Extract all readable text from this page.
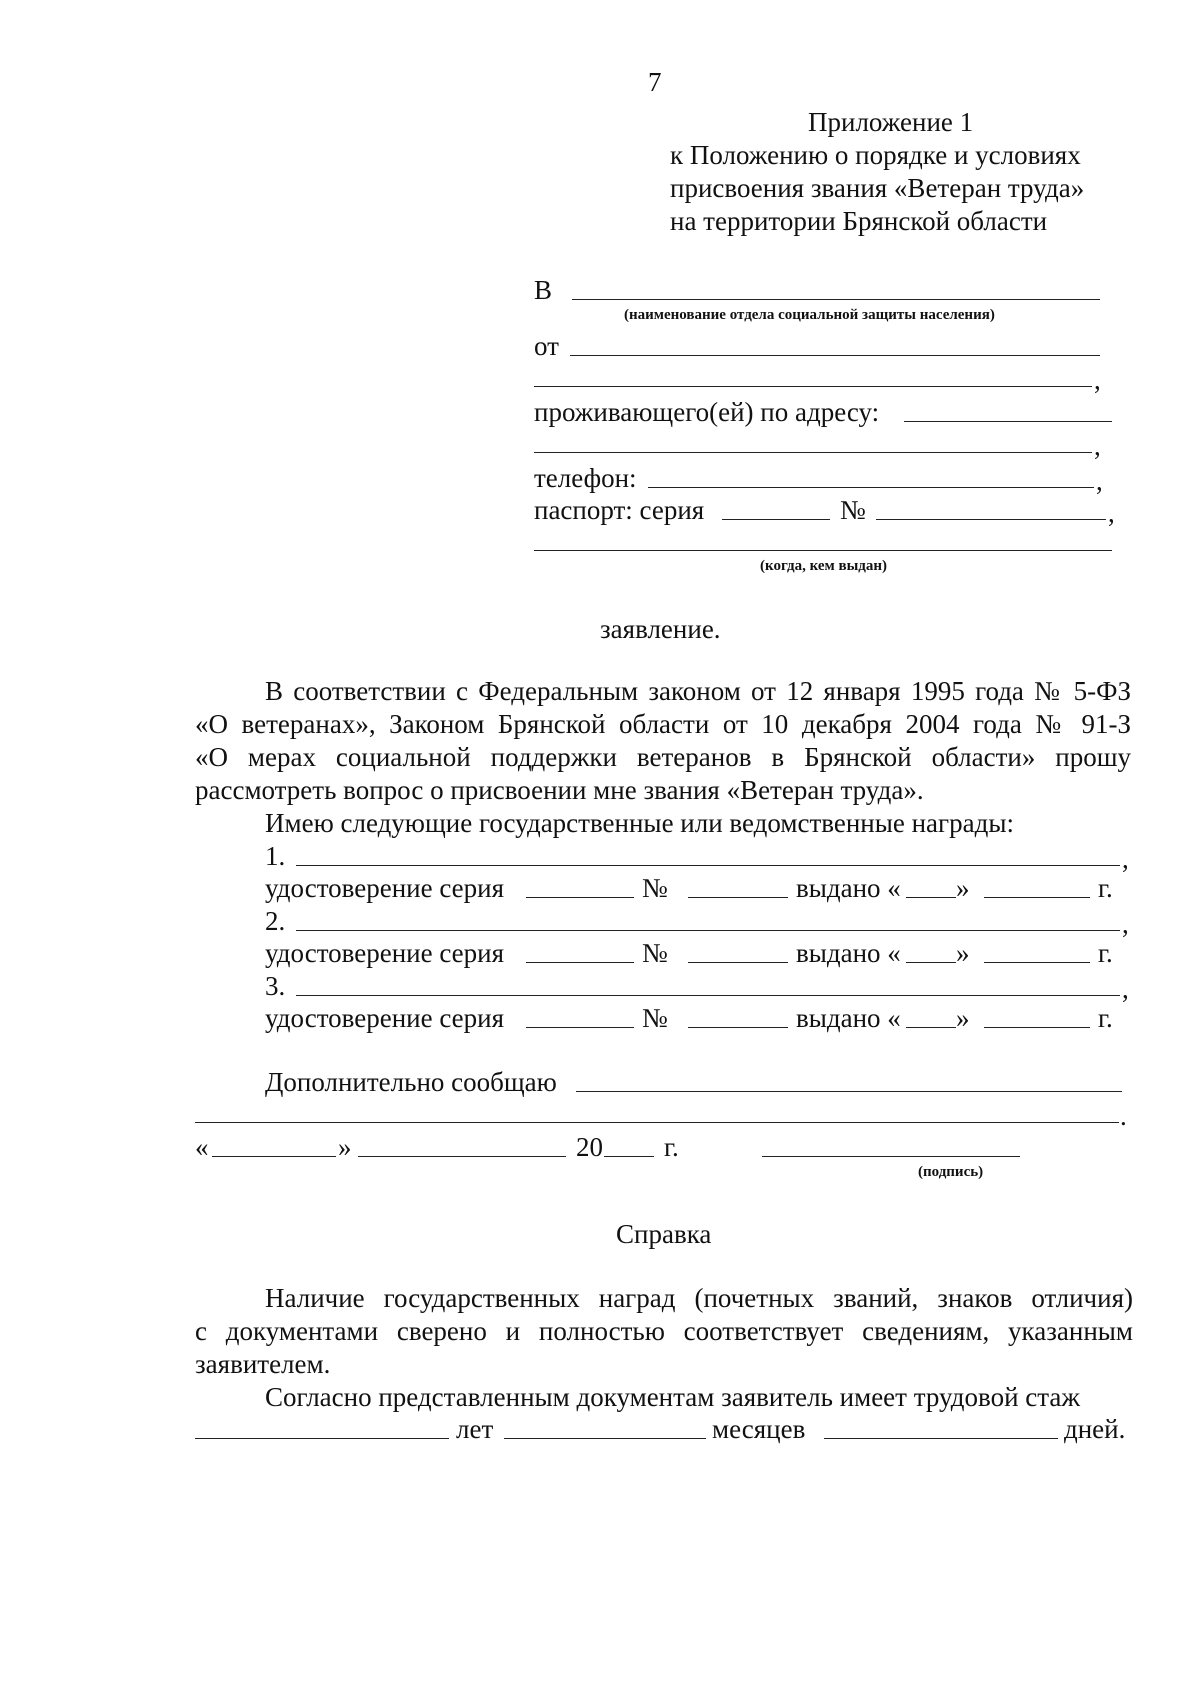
7
Приложение 1
к Положению о порядке и условиях
присвоения звания «Ветеран труда»
на территории Брянской области
В
(наименование отдела социальной защиты населения)
от
,
проживающего(ей) по адресу:
,
телефон:	,
паспорт: серия	№	,
(когда, кем выдан)
заявление.
В соответствии с Федеральным законом от 12 января 1995 года № 5-ФЗ
«О ветеранах», Законом Брянской области от 10 декабря 2004 года № 91-З
«О мерах социальной поддержки ветеранов в Брянской области» прошу
рассмотреть вопрос о присвоении мне звания «Ветеран труда».
Имею следующие государственные или ведомственные награды:
1.	,
удостоверение серия	№	выдано « »	г.
2.	,
удостоверение серия	№	выдано « »	г.
3.	,
удостоверение серия	№	выдано « »	г.
Дополнительно сообщаю
.
«	»	20 г.
(подпись)
Справка
Наличие государственных наград (почетных званий, знаков отличия)
с документами сверено и полностью соответствует сведениям, указанным
заявителем.
Согласно представленным документам заявитель имеет трудовой стаж
лет	месяцев	дней.
